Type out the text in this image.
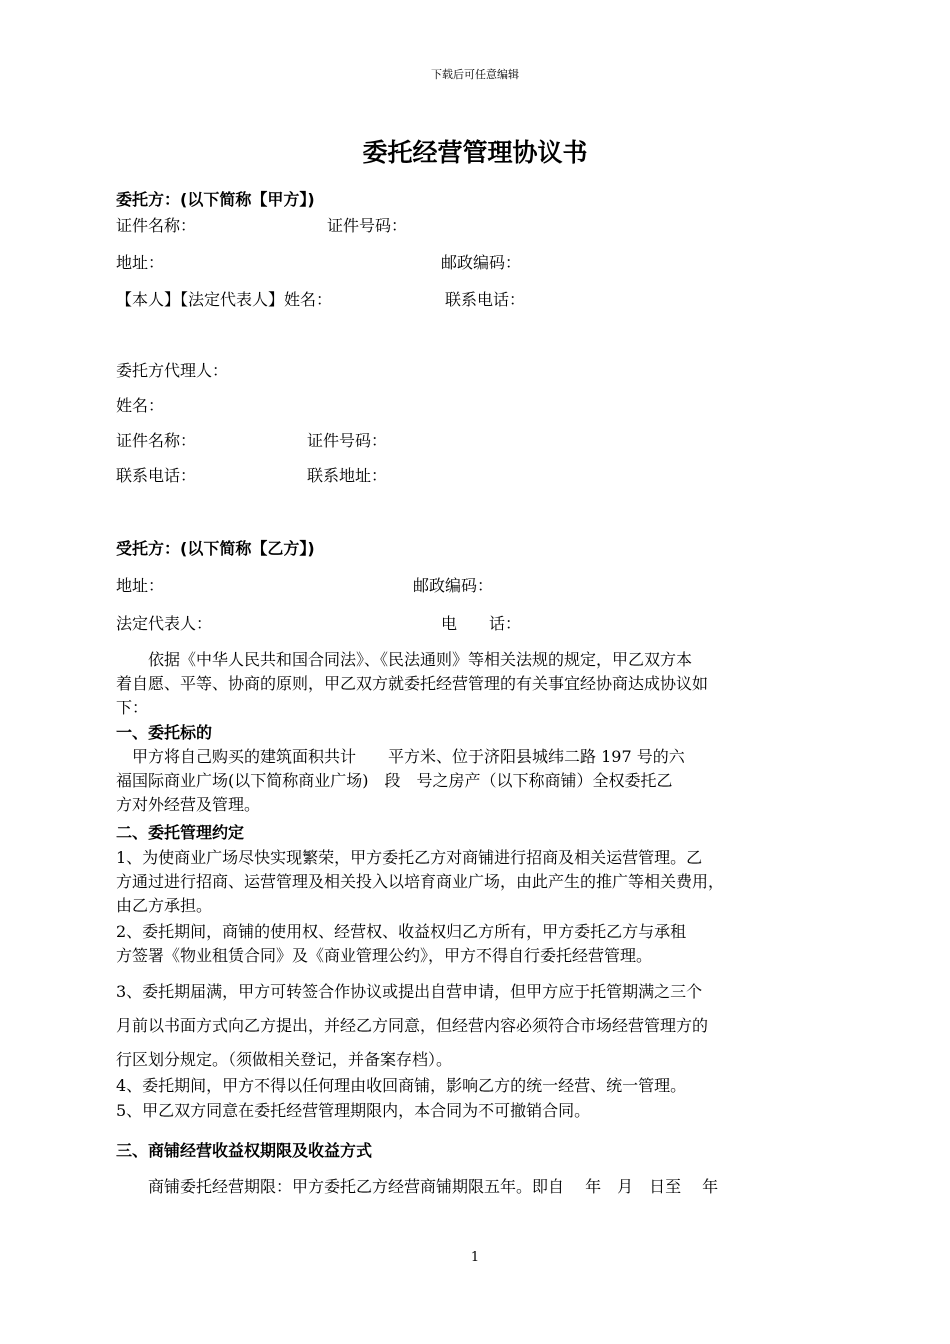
下载后可任意编辑
委托经营管理协议书
委托方：(以下简称【甲方】)
证件名称：	证件号码：
地址：	邮政编码：
【本人】【法定代表人】姓名：	联系电话：
委托方代理人：
姓名：
证件名称：	证件号码：
联系电话：	联系地址：
受托方：(以下简称【乙方】)
地址：	邮政编码：
法定代表人：	电　　话：
　　依据《中华人民共和国合同法》、《民法通则》等相关法规的规定，甲乙双方本
着自愿、平等、协商的原则，甲乙双方就委托经营管理的有关事宜经协商达成协议如
下：
一、委托标的
　甲方将自己购买的建筑面积共计　　平方米、位于济阳县城纬二路 197 号的六
福国际商业广场(以下简称商业广场)　段　号之房产（以下称商铺）全权委托乙
方对外经营及管理。
二、委托管理约定
1、为使商业广场尽快实现繁荣，甲方委托乙方对商铺进行招商及相关运营管理。乙
方通过进行招商、运营管理及相关投入以培育商业广场，由此产生的推广等相关费用，
由乙方承担。
2、委托期间，商铺的使用权、经营权、收益权归乙方所有，甲方委托乙方与承租
方签署《物业租赁合同》及《商业管理公约》，甲方不得自行委托经营管理。
3、委托期届满，甲方可转签合作协议或提出自营申请，但甲方应于托管期满之三个
月前以书面方式向乙方提出，并经乙方同意，但经营内容必须符合市场经营管理方的
行区划分规定。（须做相关登记，并备案存档）。
4、委托期间，甲方不得以任何理由收回商铺，影响乙方的统一经营、统一管理。
5、甲乙双方同意在委托经营管理期限内，本合同为不可撤销合同。
三、商铺经营收益权期限及收益方式
　　商铺委托经营期限：甲方委托乙方经营商铺期限五年。即自　 年　月　日至　 年
1
